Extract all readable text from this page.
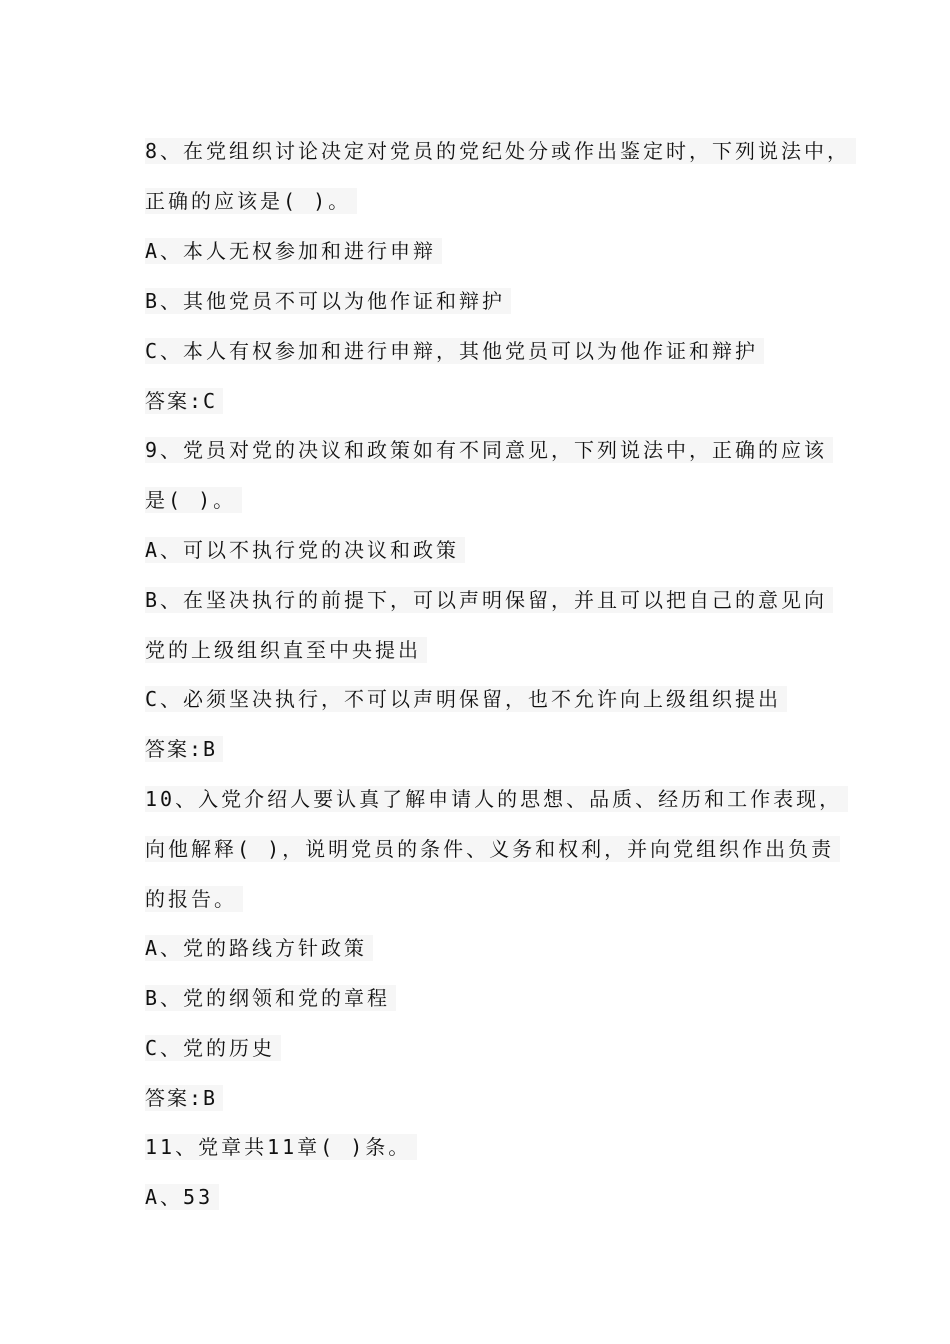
8、在党组织讨论决定对党员的党纪处分或作出鉴定时，下列说法中，
正确的应该是( )。
A、本人无权参加和进行申辩
B、其他党员不可以为他作证和辩护
C、本人有权参加和进行申辩，其他党员可以为他作证和辩护
答案:C
9、党员对党的决议和政策如有不同意见，下列说法中，正确的应该
是( )。
A、可以不执行党的决议和政策
B、在坚决执行的前提下，可以声明保留，并且可以把自己的意见向
党的上级组织直至中央提出
C、必须坚决执行，不可以声明保留，也不允许向上级组织提出
答案:B
10、入党介绍人要认真了解申请人的思想、品质、经历和工作表现，
向他解释( )，说明党员的条件、义务和权利，并向党组织作出负责
的报告。
A、党的路线方针政策
B、党的纲领和党的章程
C、党的历史
答案:B
11、党章共11章( )条。
A、53
